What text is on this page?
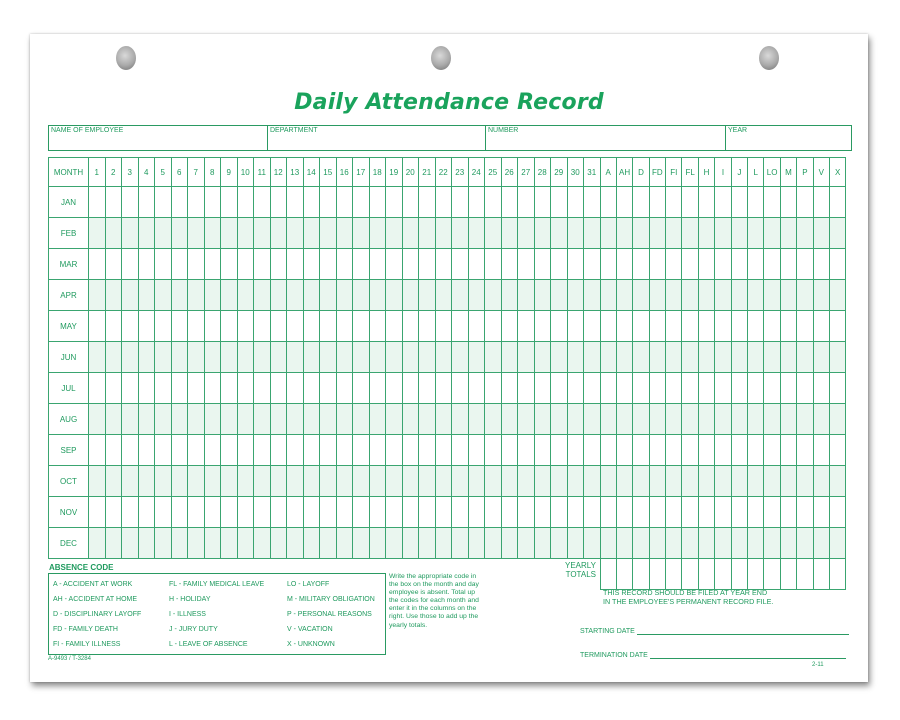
Daily Attendance Record
NAME OF EMPLOYEE	DEPARTMENT	NUMBER	YEAR
MONTH	1	2	3	4	5	6	7	8	9	10	11	12	13	14	15	16	17	18	19	20	21	22	23	24	25	26	27	28	29	30	31	A	AH	D	FD	FI	FL	H	I	J	L	LO	M	P	V	X
JAN																																														
FEB																																														
MAR																																														
APR																																														
MAY																																														
JUN																																														
JUL																																														
AUG																																														
SEP																																														
OCT																																														
NOV																																														
DEC																																														

ABSENCE CODE
A - ACCIDENT AT WORK
AH - ACCIDENT AT HOME
D - DISCIPLINARY LAYOFF
FD - FAMILY DEATH
FI - FAMILY ILLNESS
FL - FAMILY MEDICAL LEAVE
H - HOLIDAY
I - ILLNESS
J - JURY DUTY
L - LEAVE OF ABSENCE
LO - LAYOFF
M - MILITARY OBLIGATION
P - PERSONAL REASONS
V - VACATION
X - UNKNOWN
Write the appropriate code in the box on the month and day employee is absent. Total up the codes for each month and enter it in the columns on the right. Use those to add up the yearly totals.
YEARLY
TOTALS
THIS RECORD SHOULD BE FILED AT YEAR END
IN THE EMPLOYEE'S PERMANENT RECORD FILE.
STARTING DATE
TERMINATION DATE
A-9493 / T-3284
2-11
